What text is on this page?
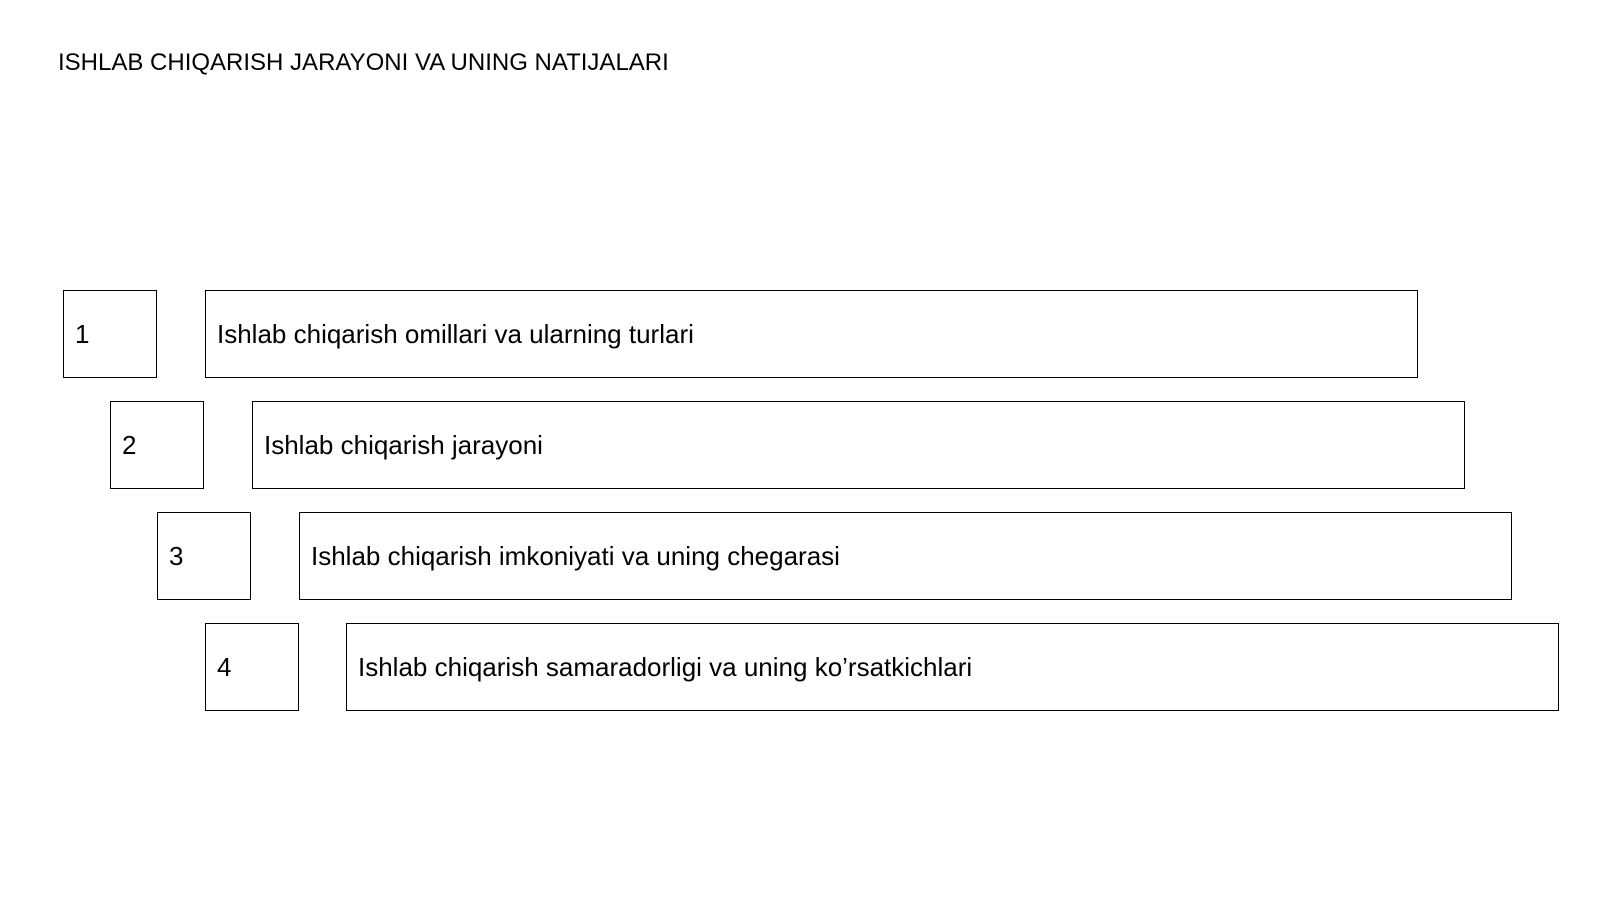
ISHLAB CHIQARISH JARAYONI VA UNING NATIJALARI
1	Ishlab chiqarish omillari va ularning turlari
2	Ishlab chiqarish jarayoni
3	Ishlab chiqarish imkoniyati va uning chegarasi
4	Ishlab chiqarish samaradorligi va uning ko’rsatkichlari
